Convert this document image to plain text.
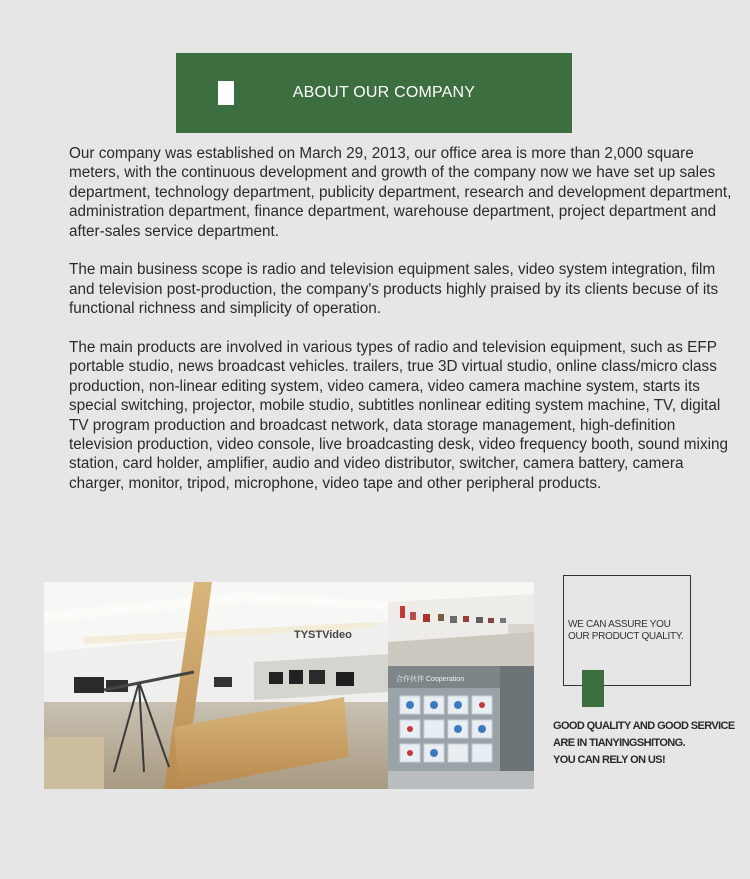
ABOUT OUR COMPANY

Our company was established on March 29, 2013, our office area is more than 2,000 square meters, with the continuous development and growth of the company now we have set up sales department, technology department, publicity department, research and development department, administration department, finance department, warehouse department, project department and after-sales service department.

The main business scope is radio and television equipment sales, video system integration, film and television post-production, the company's products highly praised by its clients becuse of its functional richness and simplicity of operation.

The main products are involved in various types of radio and television equipment, such as EFP portable studio, news broadcast vehicles. trailers, true 3D virtual studio, online class/micro class production, non-linear editing system, video camera, video camera machine system, starts its special switching, projector, mobile studio, subtitles nonlinear editing system machine, TV, digital TV program production and broadcast network, data storage management, high-definition television production, video console, live broadcasting desk, video frequency booth, sound mixing station, card holder, amplifier, audio and video distributor, switcher, camera battery, camera charger, monitor, tripod, microphone, video tape and other peripheral products.

TYSTVideo
合作伙伴 Cooperation
WE CAN ASSURE YOU
OUR PRODUCT QUALITY.
GOOD QUALITY AND GOOD SERVICE
ARE IN TIANYINGSHITONG.
YOU CAN RELY ON US!
